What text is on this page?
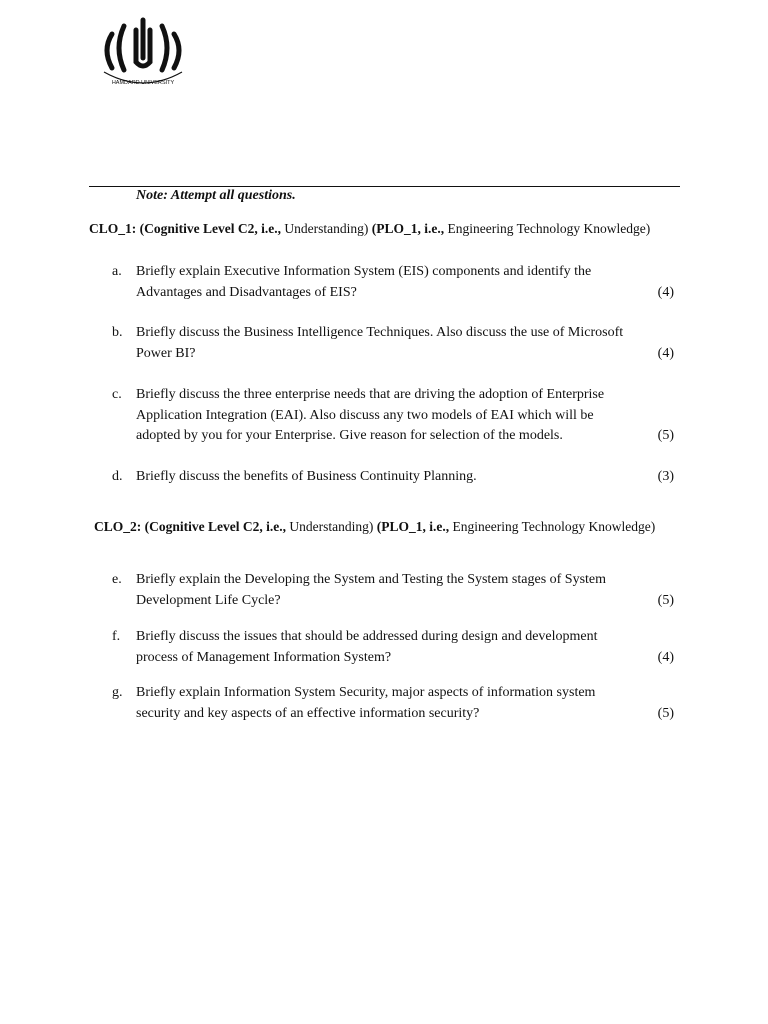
HAMDARD UNIVERSITY
Note: Attempt all questions.
CLO_1: (Cognitive Level C2, i.e., Understanding) (PLO_1, i.e., Engineering Technology Knowledge)
a. Briefly explain Executive Information System (EIS) components and identify the Advantages and Disadvantages of EIS?	(4)
b. Briefly discuss the Business Intelligence Techniques. Also discuss the use of Microsoft Power BI?	(4)
c. Briefly discuss the three enterprise needs that are driving the adoption of Enterprise Application Integration (EAI). Also discuss any two models of EAI which will be adopted by you for your Enterprise. Give reason for selection of the models.	(5)
d. Briefly discuss the benefits of Business Continuity Planning.	(3)
CLO_2: (Cognitive Level C2, i.e., Understanding) (PLO_1, i.e., Engineering Technology Knowledge)
e. Briefly explain the Developing the System and Testing the System stages of System Development Life Cycle?	(5)
f. Briefly discuss the issues that should be addressed during design and development process of Management Information System?	(4)
g. Briefly explain Information System Security, major aspects of information system security and key aspects of an effective information security?	(5)
